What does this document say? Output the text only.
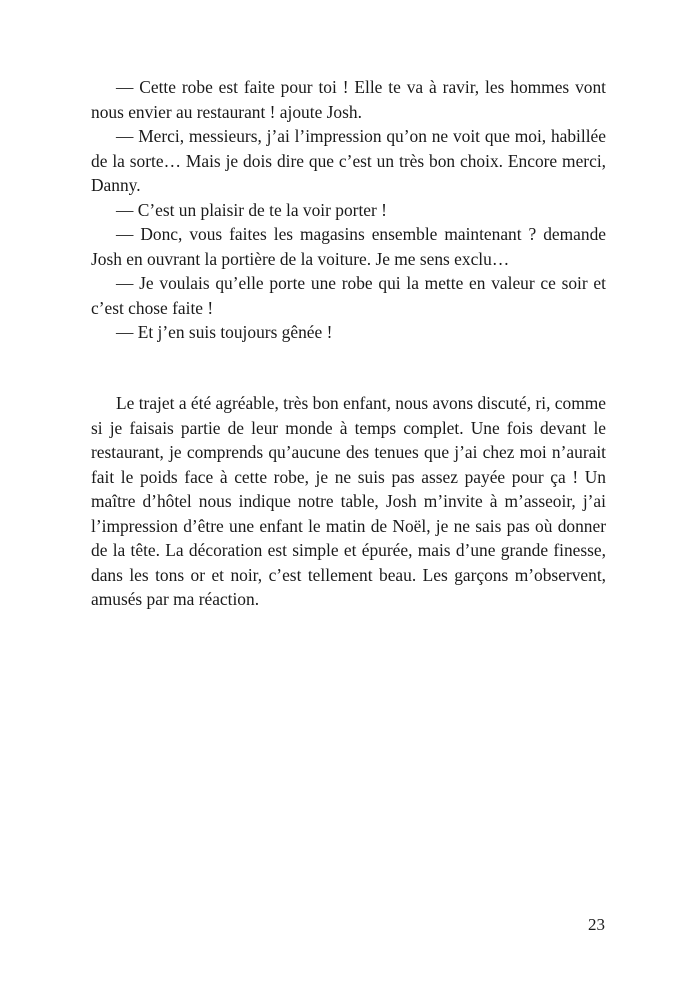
— Cette robe est faite pour toi ! Elle te va à ravir, les hommes vont nous envier au restaurant ! ajoute Josh.

— Merci, messieurs, j’ai l’impression qu’on ne voit que moi, habillée de la sorte… Mais je dois dire que c’est un très bon choix. Encore merci, Danny.

— C’est un plaisir de te la voir porter !

— Donc, vous faites les magasins ensemble maintenant ? demande Josh en ouvrant la portière de la voiture. Je me sens exclu…

— Je voulais qu’elle porte une robe qui la mette en valeur ce soir et c’est chose faite !

— Et j’en suis toujours gênée !

Le trajet a été agréable, très bon enfant, nous avons discuté, ri, comme si je faisais partie de leur monde à temps complet. Une fois devant le restaurant, je comprends qu’aucune des tenues que j’ai chez moi n’aurait fait le poids face à cette robe, je ne suis pas assez payée pour ça ! Un maître d’hôtel nous indique notre table, Josh m’invite à m’asseoir, j’ai l’impression d’être une enfant le matin de Noël, je ne sais pas où donner de la tête. La décoration est simple et épurée, mais d’une grande finesse, dans les tons or et noir, c’est tellement beau. Les garçons m’observent, amusés par ma réaction.

23
